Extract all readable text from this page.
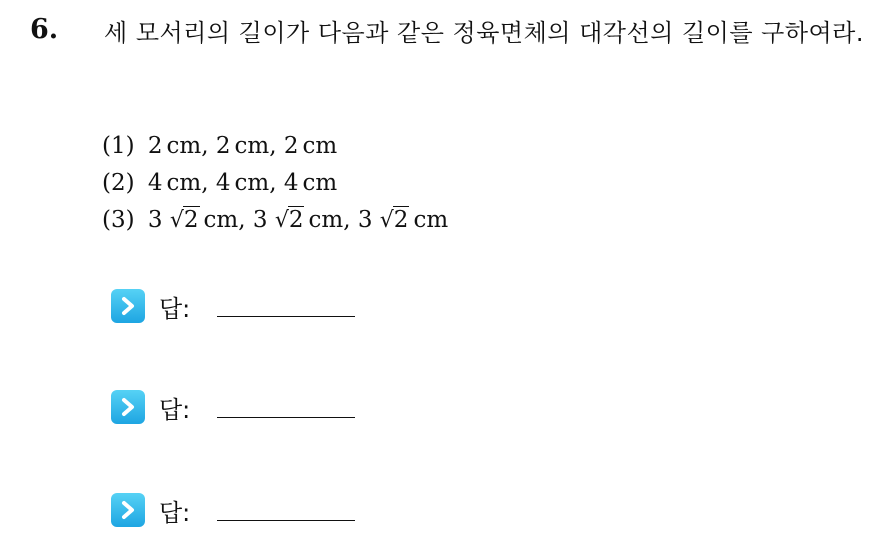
6. 세 모서리의 길이가 다음과 같은 정육면체의 대각선의 길이를 구하여라.
(1) 2 cm, 2 cm, 2 cm
(2) 4 cm, 4 cm, 4 cm
(3) 3 √2 cm, 3 √2 cm, 3 √2 cm
답:
답:
답:
